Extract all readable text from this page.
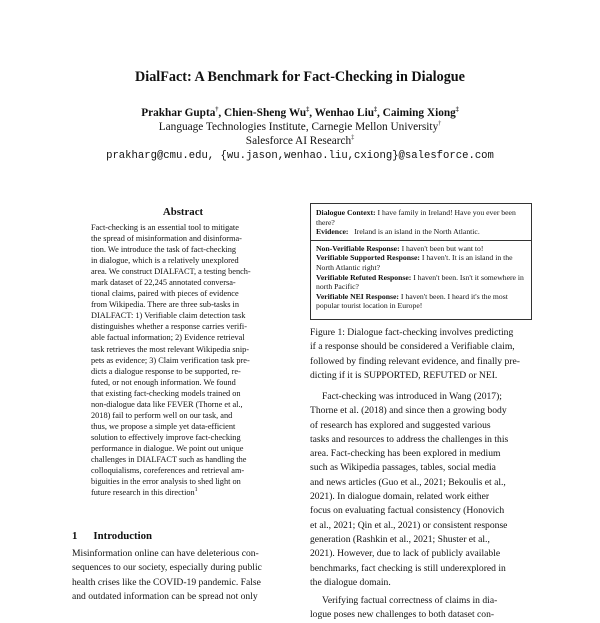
DialFact: A Benchmark for Fact-Checking in Dialogue
Prakhar Gupta†, Chien-Sheng Wu‡, Wenhao Liu‡, Caiming Xiong‡
Language Technologies Institute, Carnegie Mellon University†
Salesforce AI Research‡
prakharg@cmu.edu, {wu.jason,wenhao.liu,cxiong}@salesforce.com
Abstract
Fact-checking is an essential tool to mitigate
the spread of misinformation and disinforma-
tion. We introduce the task of fact-checking
in dialogue, which is a relatively unexplored
area. We construct DIALFACT, a testing bench-
mark dataset of 22,245 annotated conversa-
tional claims, paired with pieces of evidence
from Wikipedia. There are three sub-tasks in
DIALFACT: 1) Verifiable claim detection task
distinguishes whether a response carries verifi-
able factual information; 2) Evidence retrieval
task retrieves the most relevant Wikipedia snip-
pets as evidence; 3) Claim verification task pre-
dicts a dialogue response to be supported, re-
futed, or not enough information. We found
that existing fact-checking models trained on
non-dialogue data like FEVER (Thorne et al.,
2018) fail to perform well on our task, and
thus, we propose a simple yet data-efficient
solution to effectively improve fact-checking
performance in dialogue. We point out unique
challenges in DIALFACT such as handling the
colloquialisms, coreferences and retrieval am-
biguities in the error analysis to shed light on
future research in this direction$^1$
1 Introduction
Misinformation online can have deleterious con-
sequences to our society, especially during public
health crises like the COVID-19 pandemic. False
and outdated information can be spread not only
Dialogue Context: I have family in Ireland! Have you ever been there?
Evidence: Ireland is an island in the North Atlantic.
Non-Verifiable Response: I haven't been but want to!
Verifiable Supported Response: I haven't. It is an island in the North Atlantic right?
Verifiable Refuted Response: I haven't been. Isn't it somewhere in north Pacific?
Verifiable NEI Response: I haven't been. I heard it's the most popular tourist location in Europe!
Figure 1: Dialogue fact-checking involves predicting
if a response should be considered a Verifiable claim,
followed by finding relevant evidence, and finally pre-
dicting if it is SUPPORTED, REFUTED or NEI.
Fact-checking was introduced in Wang (2017);
Thorne et al. (2018) and since then a growing body
of research has explored and suggested various
tasks and resources to address the challenges in this
area. Fact-checking has been explored in medium
such as Wikipedia passages, tables, social media
and news articles (Guo et al., 2021; Bekoulis et al.,
2021). In dialogue domain, related work either
focus on evaluating factual consistency (Honovich
et al., 2021; Qin et al., 2021) or consistent response
generation (Rashkin et al., 2021; Shuster et al.,
2021). However, due to lack of publicly available
benchmarks, fact checking is still underexplored in
the dialogue domain.
Verifying factual correctness of claims in dia-
logue poses new challenges to both dataset con-
